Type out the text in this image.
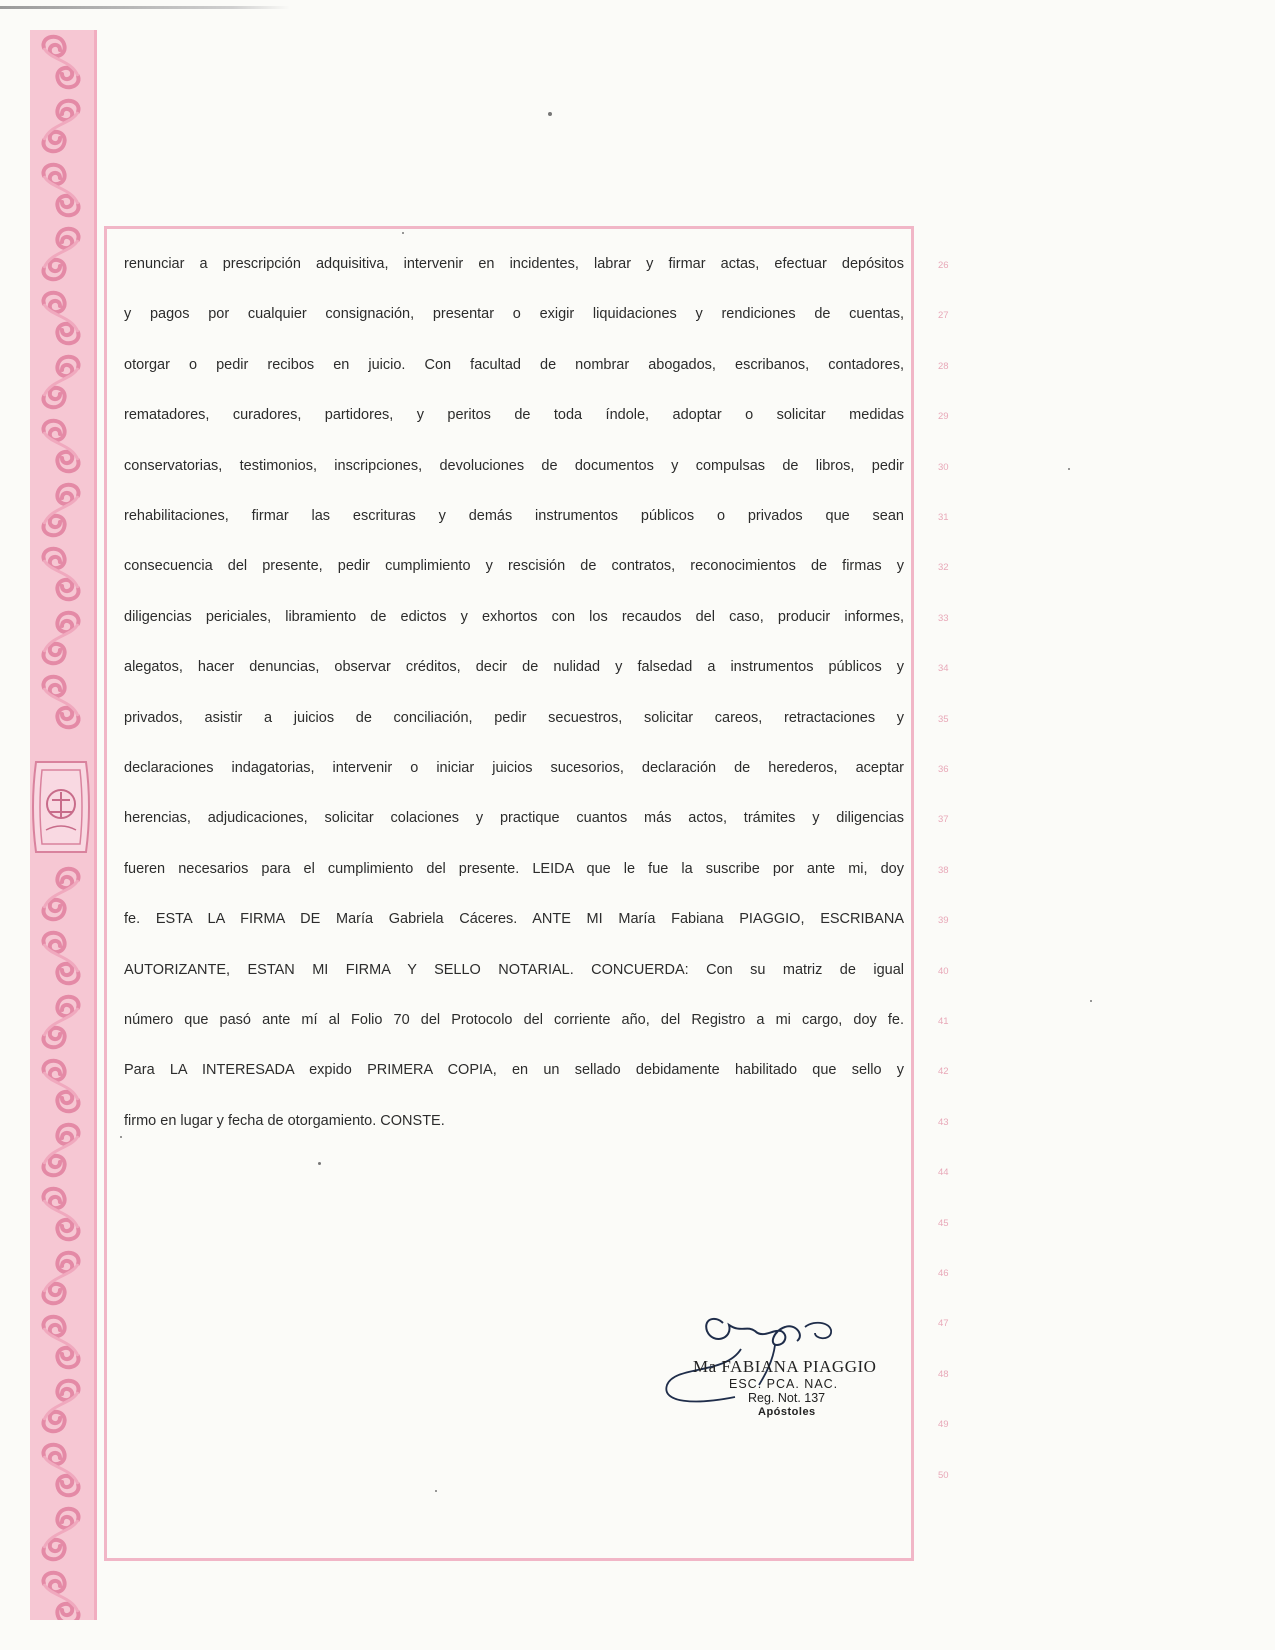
renunciar a prescripción adquisitiva, intervenir en incidentes, labrar y firmar actas, efectuar depósitos
y pagos por cualquier consignación, presentar o exigir liquidaciones y rendiciones de cuentas,
otorgar o pedir recibos en juicio. Con facultad de nombrar abogados, escribanos, contadores,
rematadores, curadores, partidores, y peritos de toda índole, adoptar o solicitar medidas
conservatorias, testimonios, inscripciones, devoluciones de documentos y compulsas de libros, pedir
rehabilitaciones, firmar las escrituras y demás instrumentos públicos o privados que sean
consecuencia del presente, pedir cumplimiento y rescisión de contratos, reconocimientos de firmas y
diligencias periciales, libramiento de edictos y exhortos con los recaudos del caso, producir informes,
alegatos, hacer denuncias, observar créditos, decir de nulidad y falsedad a instrumentos públicos y
privados, asistir a juicios de conciliación, pedir secuestros, solicitar careos, retractaciones y
declaraciones indagatorias, intervenir o iniciar juicios sucesorios, declaración de herederos, aceptar
herencias, adjudicaciones, solicitar colaciones y practique cuantos más actos, trámites y diligencias
fueren necesarios para el cumplimiento del presente. LEIDA que le fue la suscribe por ante mi, doy
fe. ESTA LA FIRMA DE María Gabriela Cáceres. ANTE MI María Fabiana PIAGGIO, ESCRIBANA
AUTORIZANTE, ESTAN MI FIRMA Y SELLO NOTARIAL. CONCUERDA: Con su matriz de igual
número que pasó ante mí al Folio 70 del Protocolo del corriente año, del Registro a mi cargo, doy fe.
Para LA INTERESADA expido PRIMERA COPIA, en un sellado debidamente habilitado que sello y
firmo en lugar y fecha de otorgamiento. CONSTE.
26
27
28
29
30
31
32
33
34
35
36
37
38
39
40
41
42
43
44
45
46
47
48
49
50
Ma FABIANA PIAGGIO
ESC. PCA. NAC.
Reg. Not. 137
Apóstoles
